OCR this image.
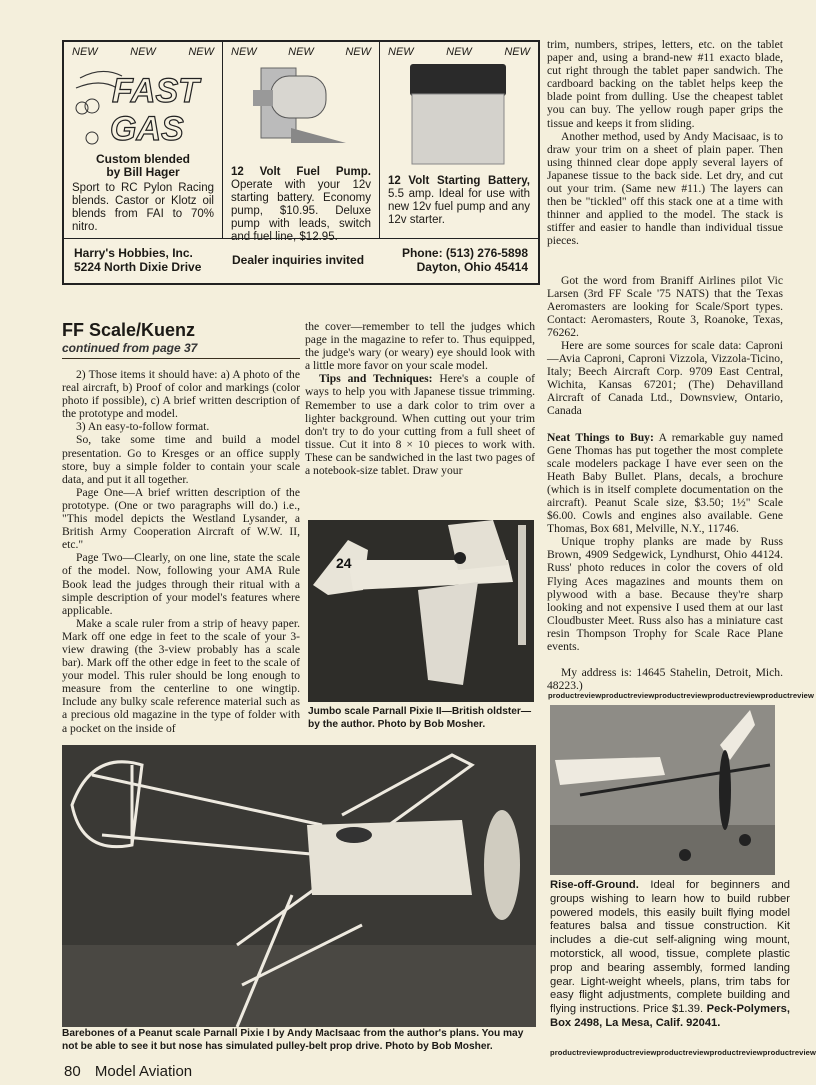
NEW	NEW	NEW
FAST
GAS
Custom blended
by Bill Hager
Sport to RC Pylon Racing blends. Castor or Klotz oil blends from FAI to 70% nitro.
NEW	NEW	NEW
12 Volt Fuel Pump. Operate with your 12v starting battery. Economy pump, $10.95. Deluxe pump with leads, switch and fuel line, $12.95.
NEW	NEW	NEW
12 Volt Starting Battery, 5.5 amp. Ideal for use with new 12v fuel pump and any 12v starter.
Harry's Hobbies, Inc.
5224 North Dixie Drive	Dealer inquiries invited	Phone: (513) 276-5898
Dayton, Ohio 45414
FF Scale/Kuenz
continued from page 37

2) Those items it should have: a) A photo of the real aircraft, b) Proof of color and markings (color photo if possible), c) A brief written description of the prototype and model.

3) An easy-to-follow format.

So, take some time and build a model presentation. Go to Kresges or an office supply store, buy a simple folder to contain your scale data, and put it all together.

Page One—A brief written description of the prototype. (One or two paragraphs will do.) i.e., "This model depicts the Westland Lysander, a British Army Cooperation Aircraft of W.W. II, etc."

Page Two—Clearly, on one line, state the scale of the model. Now, following your AMA Rule Book lead the judges through their ritual with a simple description of your model's features where applicable.

Make a scale ruler from a strip of heavy paper. Mark off one edge in feet to the scale of your 3-view drawing (the 3-view probably has a scale bar). Mark off the other edge in feet to the scale of your model. This ruler should be long enough to measure from the centerline to one wingtip. Include any bulky scale reference material such as a precious old magazine in the type of folder with a pocket on the inside of

the cover—remember to tell the judges which page in the magazine to refer to. Thus equipped, the judge's wary (or weary) eye should look with a little more favor on your scale model.

Tips and Techniques: Here's a couple of ways to help you with Japanese tissue trimming. Remember to use a dark color to trim over a lighter background. When cutting out your trim don't try to do your cutting from a full sheet of tissue. Cut it into 8 × 10 pieces to work with. These can be sandwiched in the last two pages of a notebook-size tablet. Draw your

24
Jumbo scale Parnall Pixie II—British oldster—by the author. Photo by Bob Mosher.
Barebones of a Peanut scale Parnall Pixie I by Andy MacIsaac from the author's plans. You may not be able to see it but nose has simulated pulley-belt prop drive. Photo by Bob Mosher.

trim, numbers, stripes, letters, etc. on the tablet paper and, using a brand-new #11 exacto blade, cut right through the tablet paper sandwich. The cardboard backing on the tablet helps keep the blade point from dulling. Use the cheapest tablet you can buy. The yellow rough paper grips the tissue and keeps it from sliding.

Another method, used by Andy Macisaac, is to draw your trim on a sheet of plain paper. Then using thinned clear dope apply several layers of Japanese tissue to the back side. Let dry, and cut out your trim. (Same new #11.) The layers can then be "tickled" off this stack one at a time with thinner and applied to the model. The stack is stiffer and easier to handle than individual tissue pieces.

Got the word from Braniff Airlines pilot Vic Larsen (3rd FF Scale '75 NATS) that the Texas Aeromasters are looking for Scale/Sport types. Contact: Aeromasters, Route 3, Roanoke, Texas, 76262.

Here are some sources for scale data: Caproni—Avia Caproni, Caproni Vizzola, Vizzola-Ticino, Italy; Beech Aircraft Corp. 9709 East Central, Wichita, Kansas 67201; (The) Dehavilland Aircraft of Canada Ltd., Downsview, Ontario, Canada

Neat Things to Buy: A remarkable guy named Gene Thomas has put together the most complete scale modelers package I have ever seen on the Heath Baby Bullet. Plans, decals, a brochure (which is in itself complete documentation on the aircraft). Peanut Scale size, $3.50; 1½" Scale $6.00. Cowls and engines also available. Gene Thomas, Box 681, Melville, N.Y., 11746.

Unique trophy planks are made by Russ Brown, 4909 Sedgewick, Lyndhurst, Ohio 44124. Russ' photo reduces in color the covers of old Flying Aces magazines and mounts them on plywood with a base. Because they're sharp looking and not expensive I used them at our last Cloudbuster Meet. Russ also has a miniature cast resin Thompson Trophy for Scale Race Plane events.

My address is: 14645 Stahelin, Detroit, Mich. 48223.)

productreviewproductreviewproductreviewproductreviewproductreview
Rise-off-Ground. Ideal for beginners and groups wishing to learn how to build rubber powered models, this easily built flying model features balsa and tissue construction. Kit includes a die-cut self-aligning wing mount, motorstick, all wood, tissue, complete plastic prop and bearing assembly, formed landing gear. Light-weight wheels, plans, trim tabs for easy flight adjustments, complete building and flying instructions. Price $1.39. Peck-Polymers, Box 2498, La Mesa, Calif. 92041.
productreviewproductreviewproductreviewproductreviewproductreview
80 Model Aviation
